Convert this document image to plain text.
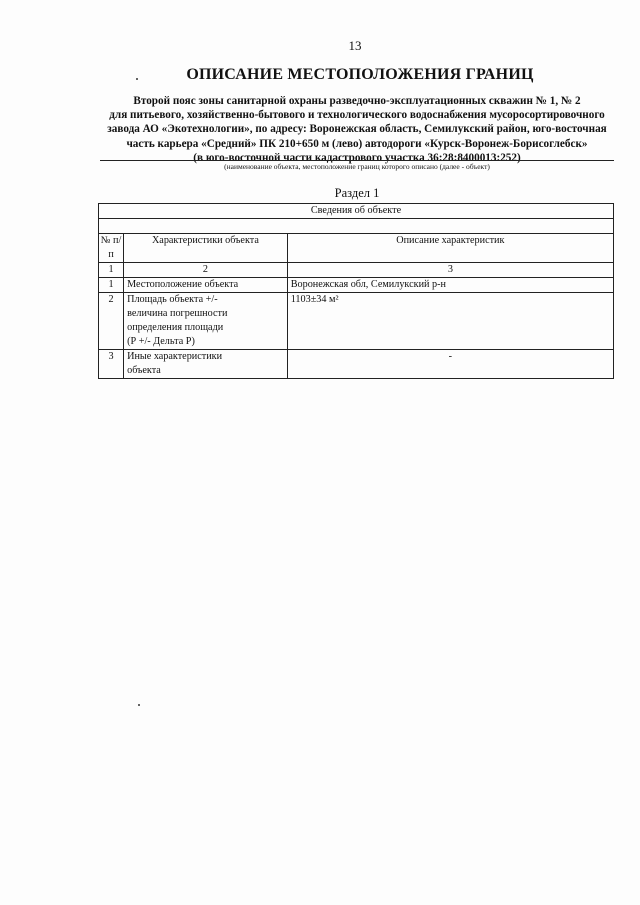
13
ОПИСАНИЕ МЕСТОПОЛОЖЕНИЯ ГРАНИЦ
Второй пояс зоны санитарной охраны разведочно-эксплуатационных скважин № 1, № 2
для питьевого, хозяйственно-бытового и технологического водоснабжения мусоросортировочного
завода АО «Экотехнологии», по адресу: Воронежская область, Семилукский район, юго-восточная
часть карьера «Средний» ПК 210+650 м (лево) автодороги «Курск-Воронеж-Борисоглебск»
(в юго-восточной части кадастрового участка 36:28:8400013:252)
(наименование объекта, местоположение границ которого описано (далее - объект)
Раздел 1
Сведения об объекте		

№ п/п	Характеристики объекта	Описание характеристик
1	2	3
1	Местоположение объекта	Воронежская обл, Семилукский р-н
2	Площадь объекта +/-
величина погрешности
определения площади
(Р +/- Дельта Р)	1103±34 м²
3	Иные характеристики
объекта	-
